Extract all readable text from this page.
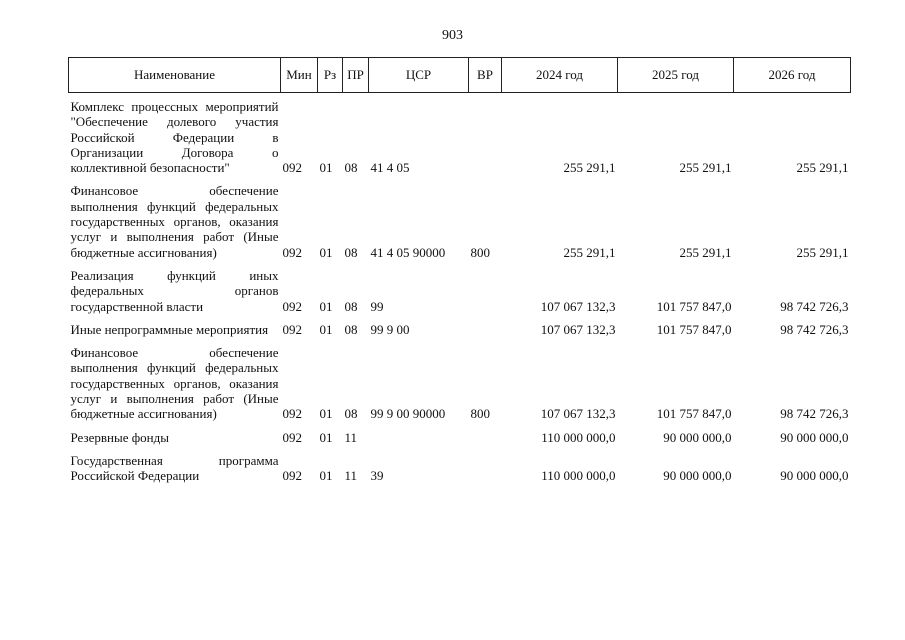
903
Наименование	Мин	Рз	ПР	ЦСР	ВР	2024 год	2025 год	2026 год
Комплекс процессных мероприятий "Обеспечение долевого участия Российской Федерации в Организации Договора о коллективной безопасности"	092	01	08	41 4 05		255 291,1	255 291,1	255 291,1
Финансовое обеспечение выполнения функций федеральных государственных органов, оказания услуг и выполнения работ (Иные бюджетные ассигнования)	092	01	08	41 4 05 90000	800	255 291,1	255 291,1	255 291,1
Реализация функций иных федеральных органов государственной власти	092	01	08	99		107 067 132,3	101 757 847,0	98 742 726,3
Иные непрограммные мероприятия	092	01	08	99 9 00		107 067 132,3	101 757 847,0	98 742 726,3
Финансовое обеспечение выполнения функций федеральных государственных органов, оказания услуг и выполнения работ (Иные бюджетные ассигнования)	092	01	08	99 9 00 90000	800	107 067 132,3	101 757 847,0	98 742 726,3
Резервные фонды	092	01	11			110 000 000,0	90 000 000,0	90 000 000,0
Государственная программа Российской Федерации	092	01	11	39		110 000 000,0	90 000 000,0	90 000 000,0
